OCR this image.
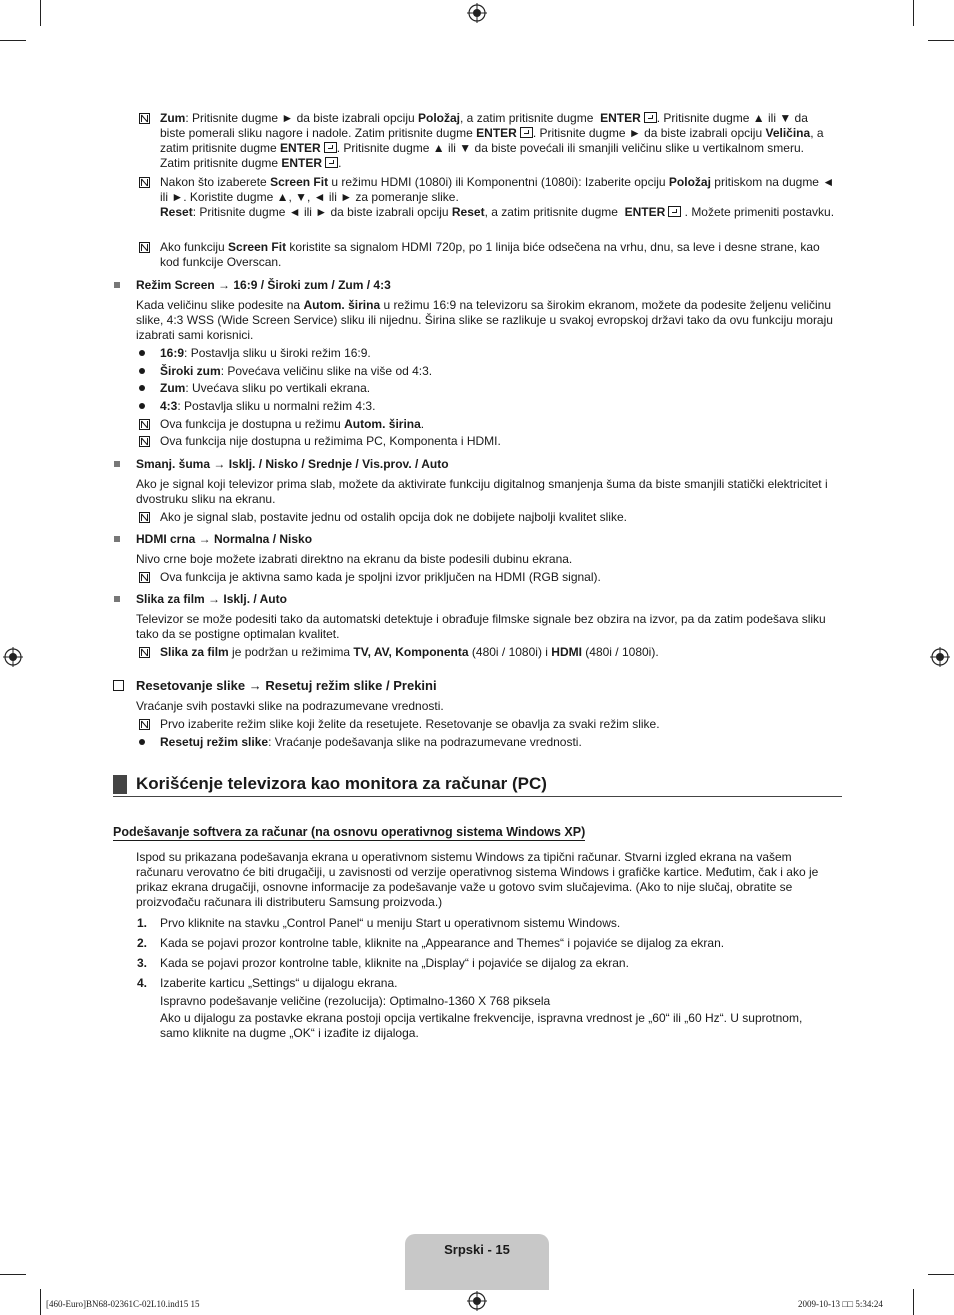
Zum: Pritisnite dugme ► da biste izabrali opciju Položaj, a zatim pritisnite dugme  ENTER . Pritisnite dugme ▲ ili ▼ da biste pomerali sliku nagore i nadole. Zatim pritisnite dugme ENTER . Pritisnite dugme ► da biste izabrali opciju Veličina, a zatim pritisnite dugme ENTER . Pritisnite dugme ▲ ili ▼ da biste povećali ili smanjili veličinu slike u vertikalnom smeru. Zatim pritisnite dugme ENTER .
Nakon što izaberete Screen Fit u režimu HDMI (1080i) ili Komponentni (1080i): Izaberite opciju Položaj pritiskom na dugme ◄ ili ►. Koristite dugme ▲, ▼, ◄ ili ► za pomeranje slike.
Reset: Pritisnite dugme ◄ ili ► da biste izabrali opciju Reset, a zatim pritisnite dugme  ENTER . Možete primeniti postavku.
Ako funkciju Screen Fit koristite sa signalom HDMI 720p, po 1 linija biće odsečena na vrhu, dnu, sa leve i desne strane, kao kod funkcije Overscan.
Režim Screen → 16:9 / Široki zum / Zum / 4:3
Kada veličinu slike podesite na Autom. širina u režimu 16:9 na televizoru sa širokim ekranom, možete da podesite željenu veličinu slike, 4:3 WSS (Wide Screen Service) sliku ili nijednu. Širina slike se razlikuje u svakoj evropskoj državi tako da ovu funkciju moraju izabrati sami korisnici.
16:9: Postavlja sliku u široki režim 16:9.
Široki zum: Povećava veličinu slike na više od 4:3.
Zum: Uvećava sliku po vertikali ekrana.
4:3: Postavlja sliku u normalni režim 4:3.
Ova funkcija je dostupna u režimu Autom. širina.
Ova funkcija nije dostupna u režimima PC, Komponenta i HDMI.
Smanj. šuma → Isklj. / Nisko / Srednje / Vis.prov. / Auto
Ako je signal koji televizor prima slab, možete da aktivirate funkciju digitalnog smanjenja šuma da biste smanjili statički elektricitet i dvostruku sliku na ekranu.
Ako je signal slab, postavite jednu od ostalih opcija dok ne dobijete najbolji kvalitet slike.
HDMI crna → Normalna / Nisko
Nivo crne boje možete izabrati direktno na ekranu da biste podesili dubinu ekrana.
Ova funkcija je aktivna samo kada je spoljni izvor priključen na HDMI (RGB signal).
Slika za film → Isklj. / Auto
Televizor se može podesiti tako da automatski detektuje i obrađuje filmske signale bez obzira na izvor, pa da zatim podešava sliku tako da se postigne optimalan kvalitet.
Slika za film je podržan u režimima TV, AV, Komponenta (480i / 1080i) i HDMI (480i / 1080i).
Resetovanje slike → Resetuj režim slike / Prekini
Vraćanje svih postavki slike na podrazumevane vrednosti.
Prvo izaberite režim slike koji želite da resetujete. Resetovanje se obavlja za svaki režim slike.
Resetuj režim slike: Vraćanje podešavanja slike na podrazumevane vrednosti.
Korišćenje televizora kao monitora za računar (PC)
Podešavanje softvera za računar (na osnovu operativnog sistema Windows XP)
Ispod su prikazana podešavanja ekrana u operativnom sistemu Windows za tipični računar. Stvarni izgled ekrana na vašem računaru verovatno će biti drugačiji, u zavisnosti od verzije operativnog sistema Windows i grafičke kartice. Međutim, čak i ako je prikaz ekrana drugačiji, osnovne informacije za podešavanje važe u gotovo svim slučajevima. (Ako to nije slučaj, obratite se proizvođaču računara ili distributeru Samsung proizvoda.)
1. Prvo kliknite na stavku „Control Panel“ u meniju Start u operativnom sistemu Windows.
2. Kada se pojavi prozor kontrolne table, kliknite na „Appearance and Themes“ i pojaviće se dijalog za ekran.
3. Kada se pojavi prozor kontrolne table, kliknite na „Display“ i pojaviće se dijalog za ekran.
4. Izaberite karticu „Settings“ u dijalogu ekrana.
Ispravno podešavanje veličine (rezolucija): Optimalno-1360 X 768 piksela
Ako u dijalogu za postavke ekrana postoji opcija vertikalne frekvencije, ispravna vrednost je „60“ ili „60 Hz“. U suprotnom, samo kliknite na dugme „OK“ i izađite iz dijaloga.
Srpski - 15
[460-Euro]BN68-02361C-02L10.ind15 15	2009-10-13 □□ 5:34:24
